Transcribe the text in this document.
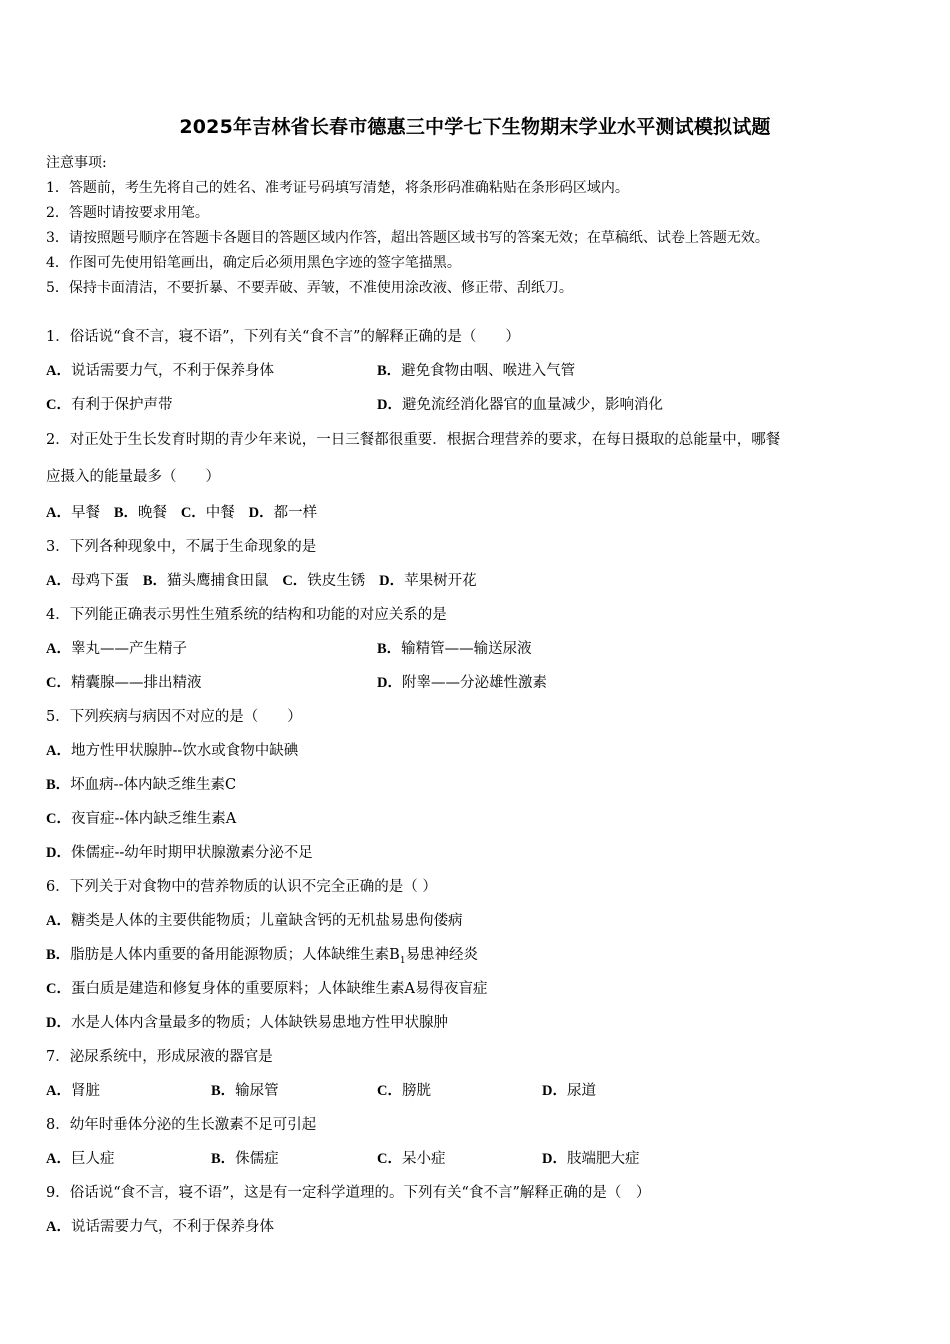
2025年吉林省长春市德惠三中学七下生物期末学业水平测试模拟试题
注意事项:
1．答题前，考生先将自己的姓名、准考证号码填写清楚，将条形码准确粘贴在条形码区域内。
2．答题时请按要求用笔。
3．请按照题号顺序在答题卡各题目的答题区域内作答，超出答题区域书写的答案无效；在草稿纸、试卷上答题无效。
4．作图可先使用铅笔画出，确定后必须用黑色字迹的签字笔描黑。
5．保持卡面清洁，不要折暴、不要弄破、弄皱，不准使用涂改液、修正带、刮纸刀。
1．俗话说“食不言，寝不语”，下列有关“食不言”的解释正确的是（　　）
A．说话需要力气，不利于保养身体	B．避免食物由咽、喉进入气管
C．有利于保护声带	D．避免流经消化器官的血量减少，影响消化
2．对正处于生长发育时期的青少年来说，一日三餐都很重要．根据合理营养的要求，在每日摄取的总能量中，哪餐
应摄入的能量最多（　　）
A．早餐 B．晚餐 C．中餐 D．都一样
3．下列各种现象中，不属于生命现象的是
A．母鸡下蛋 B．猫头鹰捕食田鼠 C．铁皮生锈 D．苹果树开花
4．下列能正确表示男性生殖系统的结构和功能的对应关系的是
A．睾丸——产生精子	B．输精管——输送尿液
C．精囊腺——排出精液	D．附睾——分泌雄性激素
5．下列疾病与病因不对应的是（　　）
A．地方性甲状腺肿--饮水或食物中缺碘
B．坏血病--体内缺乏维生素C
C．夜盲症--体内缺乏维生素A
D．侏儒症--幼年时期甲状腺激素分泌不足
6．下列关于对食物中的营养物质的认识不完全正确的是（ ）
A．糖类是人体的主要供能物质；儿童缺含钙的无机盐易患佝偻病
B．脂肪是人体内重要的备用能源物质；人体缺维生素$B_1$易患神经炎
C．蛋白质是建造和修复身体的重要原料；人体缺维生素A易得夜盲症
D．水是人体内含量最多的物质；人体缺铁易患地方性甲状腺肿
7．泌尿系统中，形成尿液的器官是
A．肾脏	B．输尿管	C．膀胱	D．尿道
8．幼年时垂体分泌的生长激素不足可引起
A．巨人症	B．侏儒症	C．呆小症	D．肢端肥大症
9．俗话说“食不言，寝不语”，这是有一定科学道理的。下列有关“食不言”解释正确的是（　）
A．说话需要力气，不利于保养身体
